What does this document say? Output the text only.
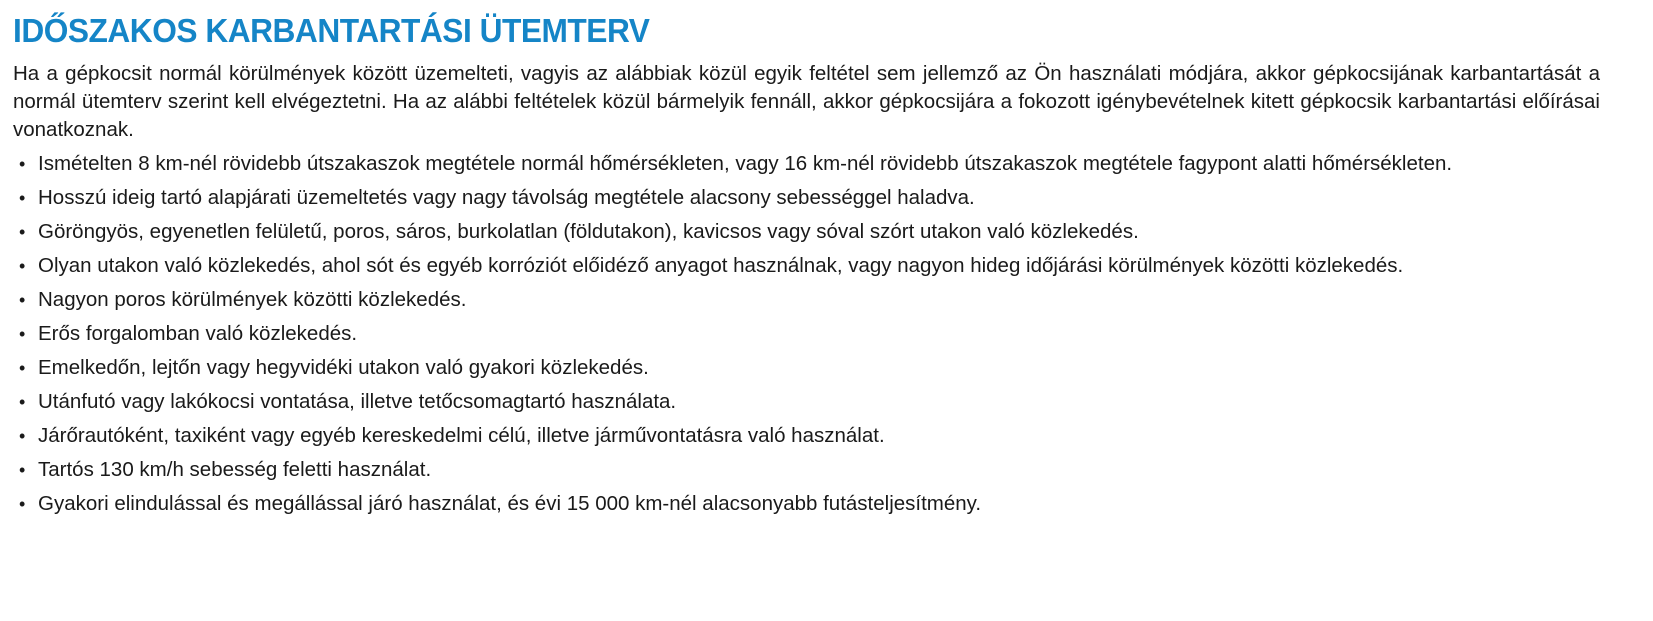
IDŐSZAKOS KARBANTARTÁSI ÜTEMTERV

Ha a gépkocsit normál körülmények között üzemelteti, vagyis az alábbiak közül egyik feltétel sem jellemző az Ön használati módjára, akkor gépkocsijának karbantartását a normál ütemterv szerint kell elvégeztetni. Ha az alábbi feltételek közül bármelyik fennáll, akkor gépkocsijára a fokozott igénybevételnek kitett gépkocsik karbantartási előírásai vonatkoznak.

• Ismételten 8 km-nél rövidebb útszakaszok megtétele normál hőmérsékleten, vagy 16 km-nél rövidebb útszakaszok megtétele fagypont alatti hőmérsékleten.
• Hosszú ideig tartó alapjárati üzemeltetés vagy nagy távolság megtétele alacsony sebességgel haladva.
• Göröngyös, egyenetlen felületű, poros, sáros, burkolatlan (földutakon), kavicsos vagy sóval szórt utakon való közlekedés.
• Olyan utakon való közlekedés, ahol sót és egyéb korróziót előidéző anyagot használnak, vagy nagyon hideg időjárási körülmények közötti közlekedés.
• Nagyon poros körülmények közötti közlekedés.
• Erős forgalomban való közlekedés.
• Emelkedőn, lejtőn vagy hegyvidéki utakon való gyakori közlekedés.
• Utánfutó vagy lakókocsi vontatása, illetve tetőcsomagtartó használata.
• Járőrautóként, taxiként vagy egyéb kereskedelmi célú, illetve járművontatásra való használat.
• Tartós 130 km/h sebesség feletti használat.
• Gyakori elindulással és megállással járó használat, és évi 15 000 km-nél alacsonyabb futásteljesítmény.
